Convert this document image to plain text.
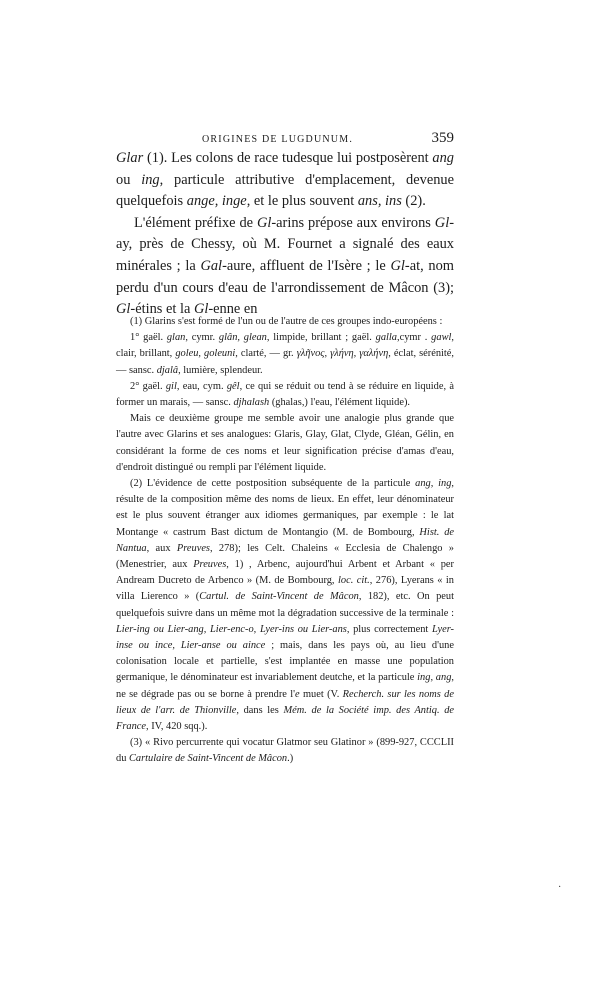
ORIGINES DE LUGDUNUM.	359

Glar (1). Les colons de race tudesque lui postposèrent ang ou ing, particule attributive d'emplacement, devenue quelquefois ange, inge, et le plus souvent ans, ins (2).

L'élément préfixe de Gl-arins prépose aux environs Gl-ay, près de Chessy, où M. Fournet a signalé des eaux minérales ; la Gal-aure, affluent de l'Isère ; le Gl-at, nom perdu d'un cours d'eau de l'arrondissement de Mâcon (3); Gl-étins et la Gl-enne en

(1) Glarins s'est formé de l'un ou de l'autre de ces groupes indo-européens :

1° gaël. glan, cymr. glân, glean, limpide, brillant ; gaël. galla,cymr . gawl, clair, brillant, goleu, goleuni, clarté, — gr. γλῆνος, γλήνη, γαλήνη, éclat, sérénité, — sansc. djalâ, lumière, splendeur.

2° gaël. gil, eau, cym. gêl, ce qui se réduit ou tend à se réduire en liquide, à former un marais, — sansc. djhalash (ghalas,) l'eau, l'élément liquide).

Mais ce deuxième groupe me semble avoir une analogie plus grande que l'autre avec Glarins et ses analogues: Glaris, Glay, Glat, Clyde, Gléan, Gélin, en considérant la forme de ces noms et leur signification précise d'amas d'eau, d'endroit distingué ou rempli par l'élément liquide.

(2) L'évidence de cette postposition subséquente de la particule ang, ing, résulte de la composition même des noms de lieux. En effet, leur dénominateur est le plus souvent étranger aux idiomes germaniques, par exemple : le lat Montange « castrum Bast dictum de Montangio (M. de Bombourg, Hist. de Nantua, aux Preuves, 278); les Celt. Chaleins « Ecclesia de Chalengo » (Menestrier, aux Preuves, 1) , Arbenc, aujourd'hui Arbent et Arbant « per Andream Ducreto de Arbenco » (M. de Bombourg, loc. cit., 276), Lyerans « in villa Lierenco » (Cartul. de Saint-Vincent de Mâcon, 182), etc. On peut quelquefois suivre dans un même mot la dégradation successive de la terminale : Lier-ing ou Lier-ang, Lier-enc-o, Lyer-ins ou Lier-ans, plus correctement Lyer-inse ou ince, Lier-anse ou aince ; mais, dans les pays où, au lieu d'une colonisation locale et partielle, s'est implantée en masse une population germanique, le dénominateur est invariablement deutche, et la particule ing, ang, ne se dégrade pas ou se borne à prendre l'e muet (V. Recherch. sur les noms de lieux de l'arr. de Thionville, dans les Mém. de la Société imp. des Antiq. de France, IV, 420 sqq.).

(3) « Rivo percurrente qui vocatur Glatmor seu Glatinor » (899-927, CCCLII du Cartulaire de Saint-Vincent de Mâcon.)

·
